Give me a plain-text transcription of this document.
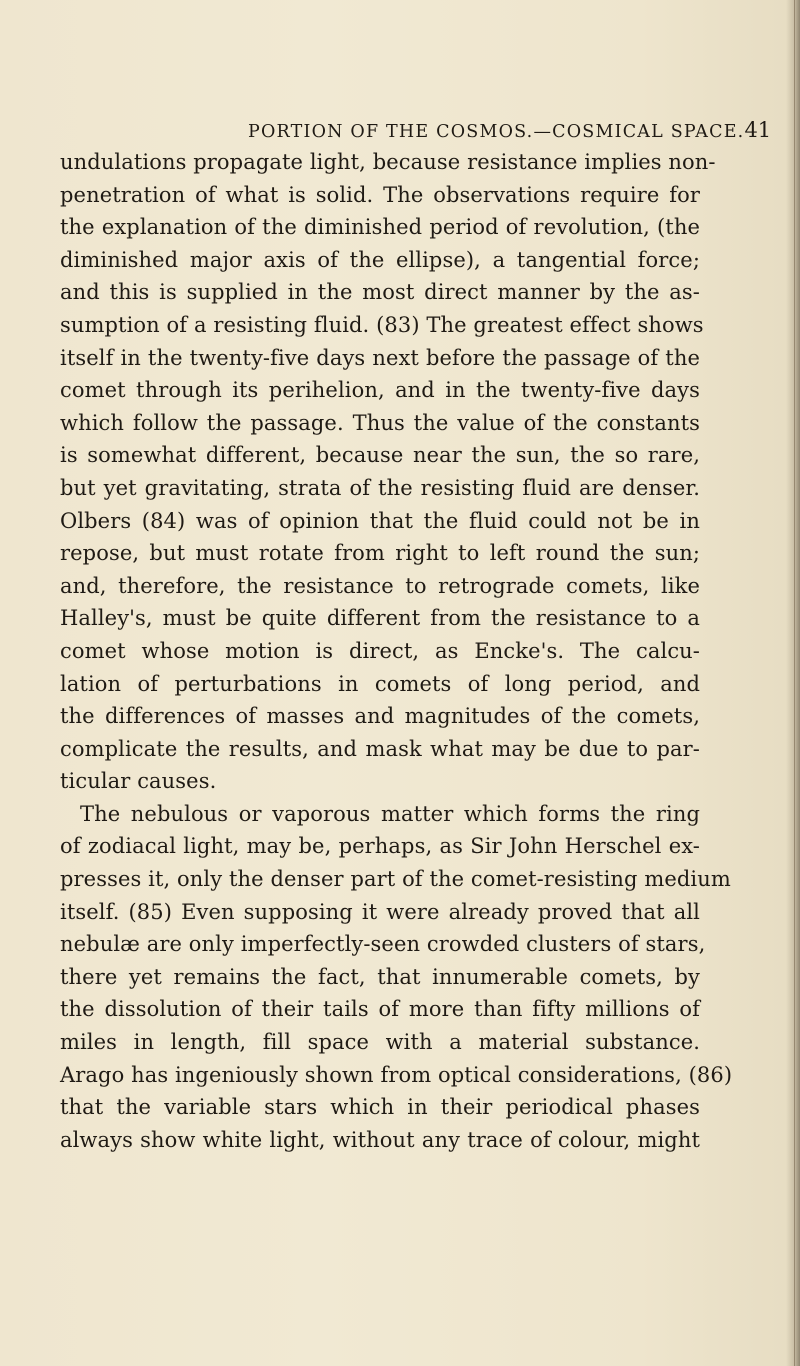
PORTION OF THE COSMOS.—COSMICAL SPACE. 41
undulations propagate light, because resistance implies non-
penetration of what is solid. The observations require for
the explanation of the diminished period of revolution, (the
diminished major axis of the ellipse), a tangential force;
and this is supplied in the most direct manner by the as-
sumption of a resisting fluid. (83) The greatest effect shows
itself in the twenty-five days next before the passage of the
comet through its perihelion, and in the twenty-five days
which follow the passage. Thus the value of the constants
is somewhat different, because near the sun, the so rare,
but yet gravitating, strata of the resisting fluid are denser.
Olbers (84) was of opinion that the fluid could not be in
repose, but must rotate from right to left round the sun;
and, therefore, the resistance to retrograde comets, like
Halley's, must be quite different from the resistance to a
comet whose motion is direct, as Encke's. The calcu-
lation of perturbations in comets of long period, and
the differences of masses and magnitudes of the comets,
complicate the results, and mask what may be due to par-
ticular causes.
The nebulous or vaporous matter which forms the ring
of zodiacal light, may be, perhaps, as Sir John Herschel ex-
presses it, only the denser part of the comet-resisting medium
itself. (85) Even supposing it were already proved that all
nebulæ are only imperfectly-seen crowded clusters of stars,
there yet remains the fact, that innumerable comets, by
the dissolution of their tails of more than fifty millions of
miles in length, fill space with a material substance.
Arago has ingeniously shown from optical considerations, (86)
that the variable stars which in their periodical phases
always show white light, without any trace of colour, might
